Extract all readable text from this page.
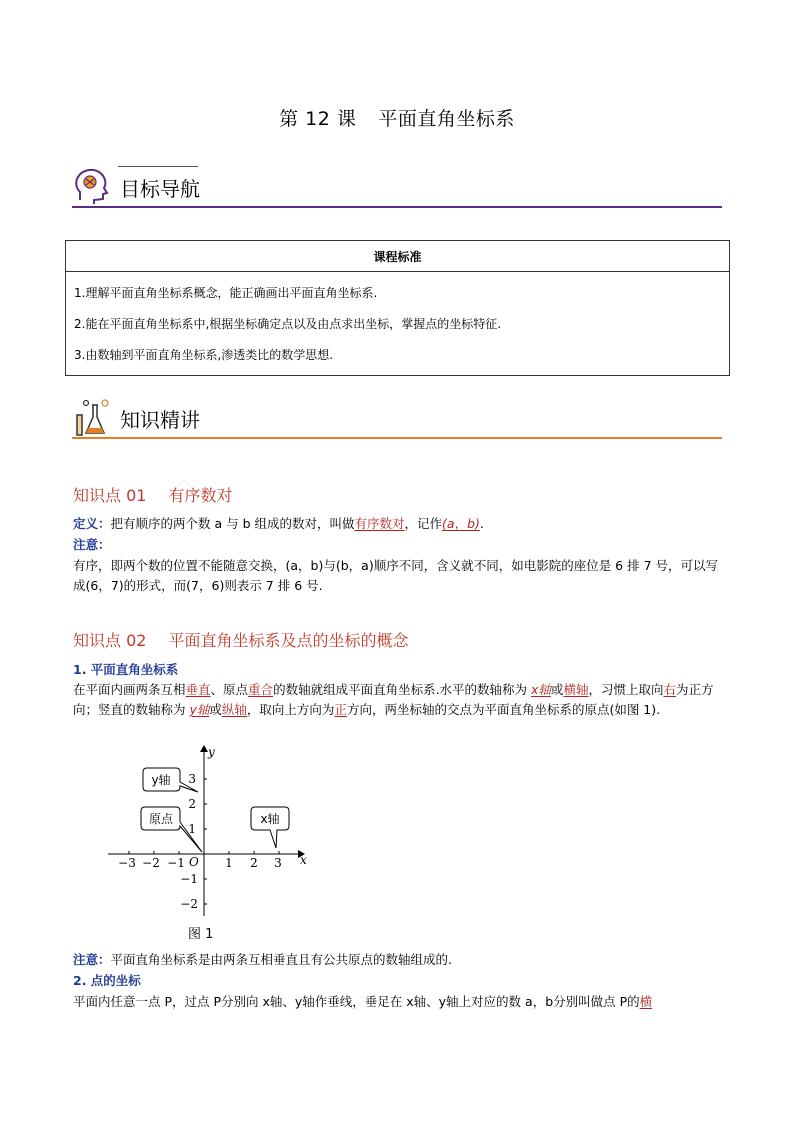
第 12 课 平面直角坐标系
目标导航
课程标准

1.理解平面直角坐标系概念，能正确画出平面直角坐标系.
2.能在平面直角坐标系中,根据坐标确定点以及由点求出坐标，掌握点的坐标特征.
3.由数轴到平面直角坐标系,渗透类比的数学思想.
知识精讲
知识点 01 有序数对
定义：把有顺序的两个数 a 与 b 组成的数对，叫做有序数对，记作(a，b).
注意：
有序，即两个数的位置不能随意交换，(a，b)与(b，a)顺序不同，含义就不同，如电影院的座位是 6 排 7 号，可以写成(6，7)的形式，而(7，6)则表示 7 排 6 号.
知识点 02 平面直角坐标系及点的坐标的概念
1. 平面直角坐标系
在平面内画两条互相垂直、原点重合的数轴就组成平面直角坐标系.水平的数轴称为 x轴或横轴，习惯上取向右为正方向；竖直的数轴称为 y轴或纵轴，取向上方向为正方向，两坐标轴的交点为平面直角坐标系的原点(如图 1).
−3 −2 −1	1 2 3
3
2
1
−1
−2
x
y
O
y轴
原点	x轴
图 1
注意：平面直角坐标系是由两条互相垂直且有公共原点的数轴组成的.
2. 点的坐标
平面内任意一点 P，过点 P分别向 x轴、y轴作垂线，垂足在 x轴、y轴上对应的数 a，b分别叫做点 P的横
